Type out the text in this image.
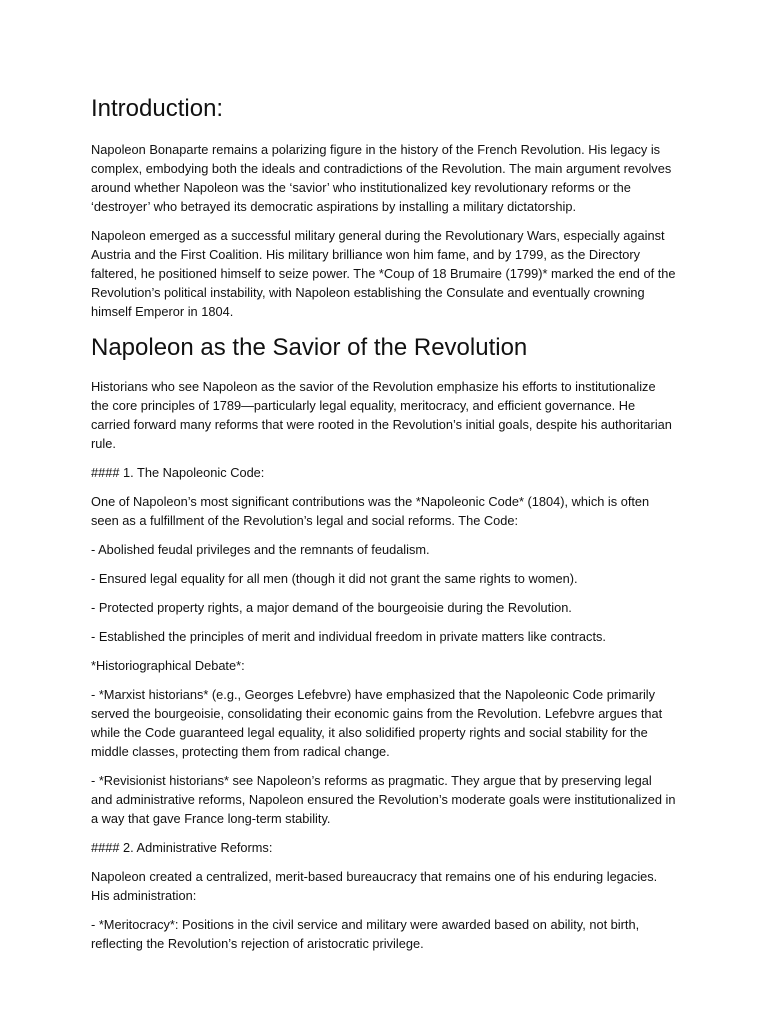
Introduction:

Napoleon Bonaparte remains a polarizing figure in the history of the French Revolution. His legacy is complex, embodying both the ideals and contradictions of the Revolution. The main argument revolves around whether Napoleon was the ‘savior’ who institutionalized key revolutionary reforms or the ‘destroyer’ who betrayed its democratic aspirations by installing a military dictatorship.

Napoleon emerged as a successful military general during the Revolutionary Wars, especially against Austria and the First Coalition. His military brilliance won him fame, and by 1799, as the Directory faltered, he positioned himself to seize power. The *Coup of 18 Brumaire (1799)* marked the end of the Revolution’s political instability, with Napoleon establishing the Consulate and eventually crowning himself Emperor in 1804.

Napoleon as the Savior of the Revolution

Historians who see Napoleon as the savior of the Revolution emphasize his efforts to institutionalize the core principles of 1789—particularly legal equality, meritocracy, and efficient governance. He carried forward many reforms that were rooted in the Revolution’s initial goals, despite his authoritarian rule.

#### 1. The Napoleonic Code:

One of Napoleon’s most significant contributions was the *Napoleonic Code* (1804), which is often seen as a fulfillment of the Revolution’s legal and social reforms. The Code:

- Abolished feudal privileges and the remnants of feudalism.

- Ensured legal equality for all men (though it did not grant the same rights to women).

- Protected property rights, a major demand of the bourgeoisie during the Revolution.

- Established the principles of merit and individual freedom in private matters like contracts.

*Historiographical Debate*:

- *Marxist historians* (e.g., Georges Lefebvre) have emphasized that the Napoleonic Code primarily served the bourgeoisie, consolidating their economic gains from the Revolution. Lefebvre argues that while the Code guaranteed legal equality, it also solidified property rights and social stability for the middle classes, protecting them from radical change.

- *Revisionist historians* see Napoleon’s reforms as pragmatic. They argue that by preserving legal and administrative reforms, Napoleon ensured the Revolution’s moderate goals were institutionalized in a way that gave France long-term stability.

#### 2. Administrative Reforms:

Napoleon created a centralized, merit-based bureaucracy that remains one of his enduring legacies. His administration:

- *Meritocracy*: Positions in the civil service and military were awarded based on ability, not birth, reflecting the Revolution’s rejection of aristocratic privilege.
